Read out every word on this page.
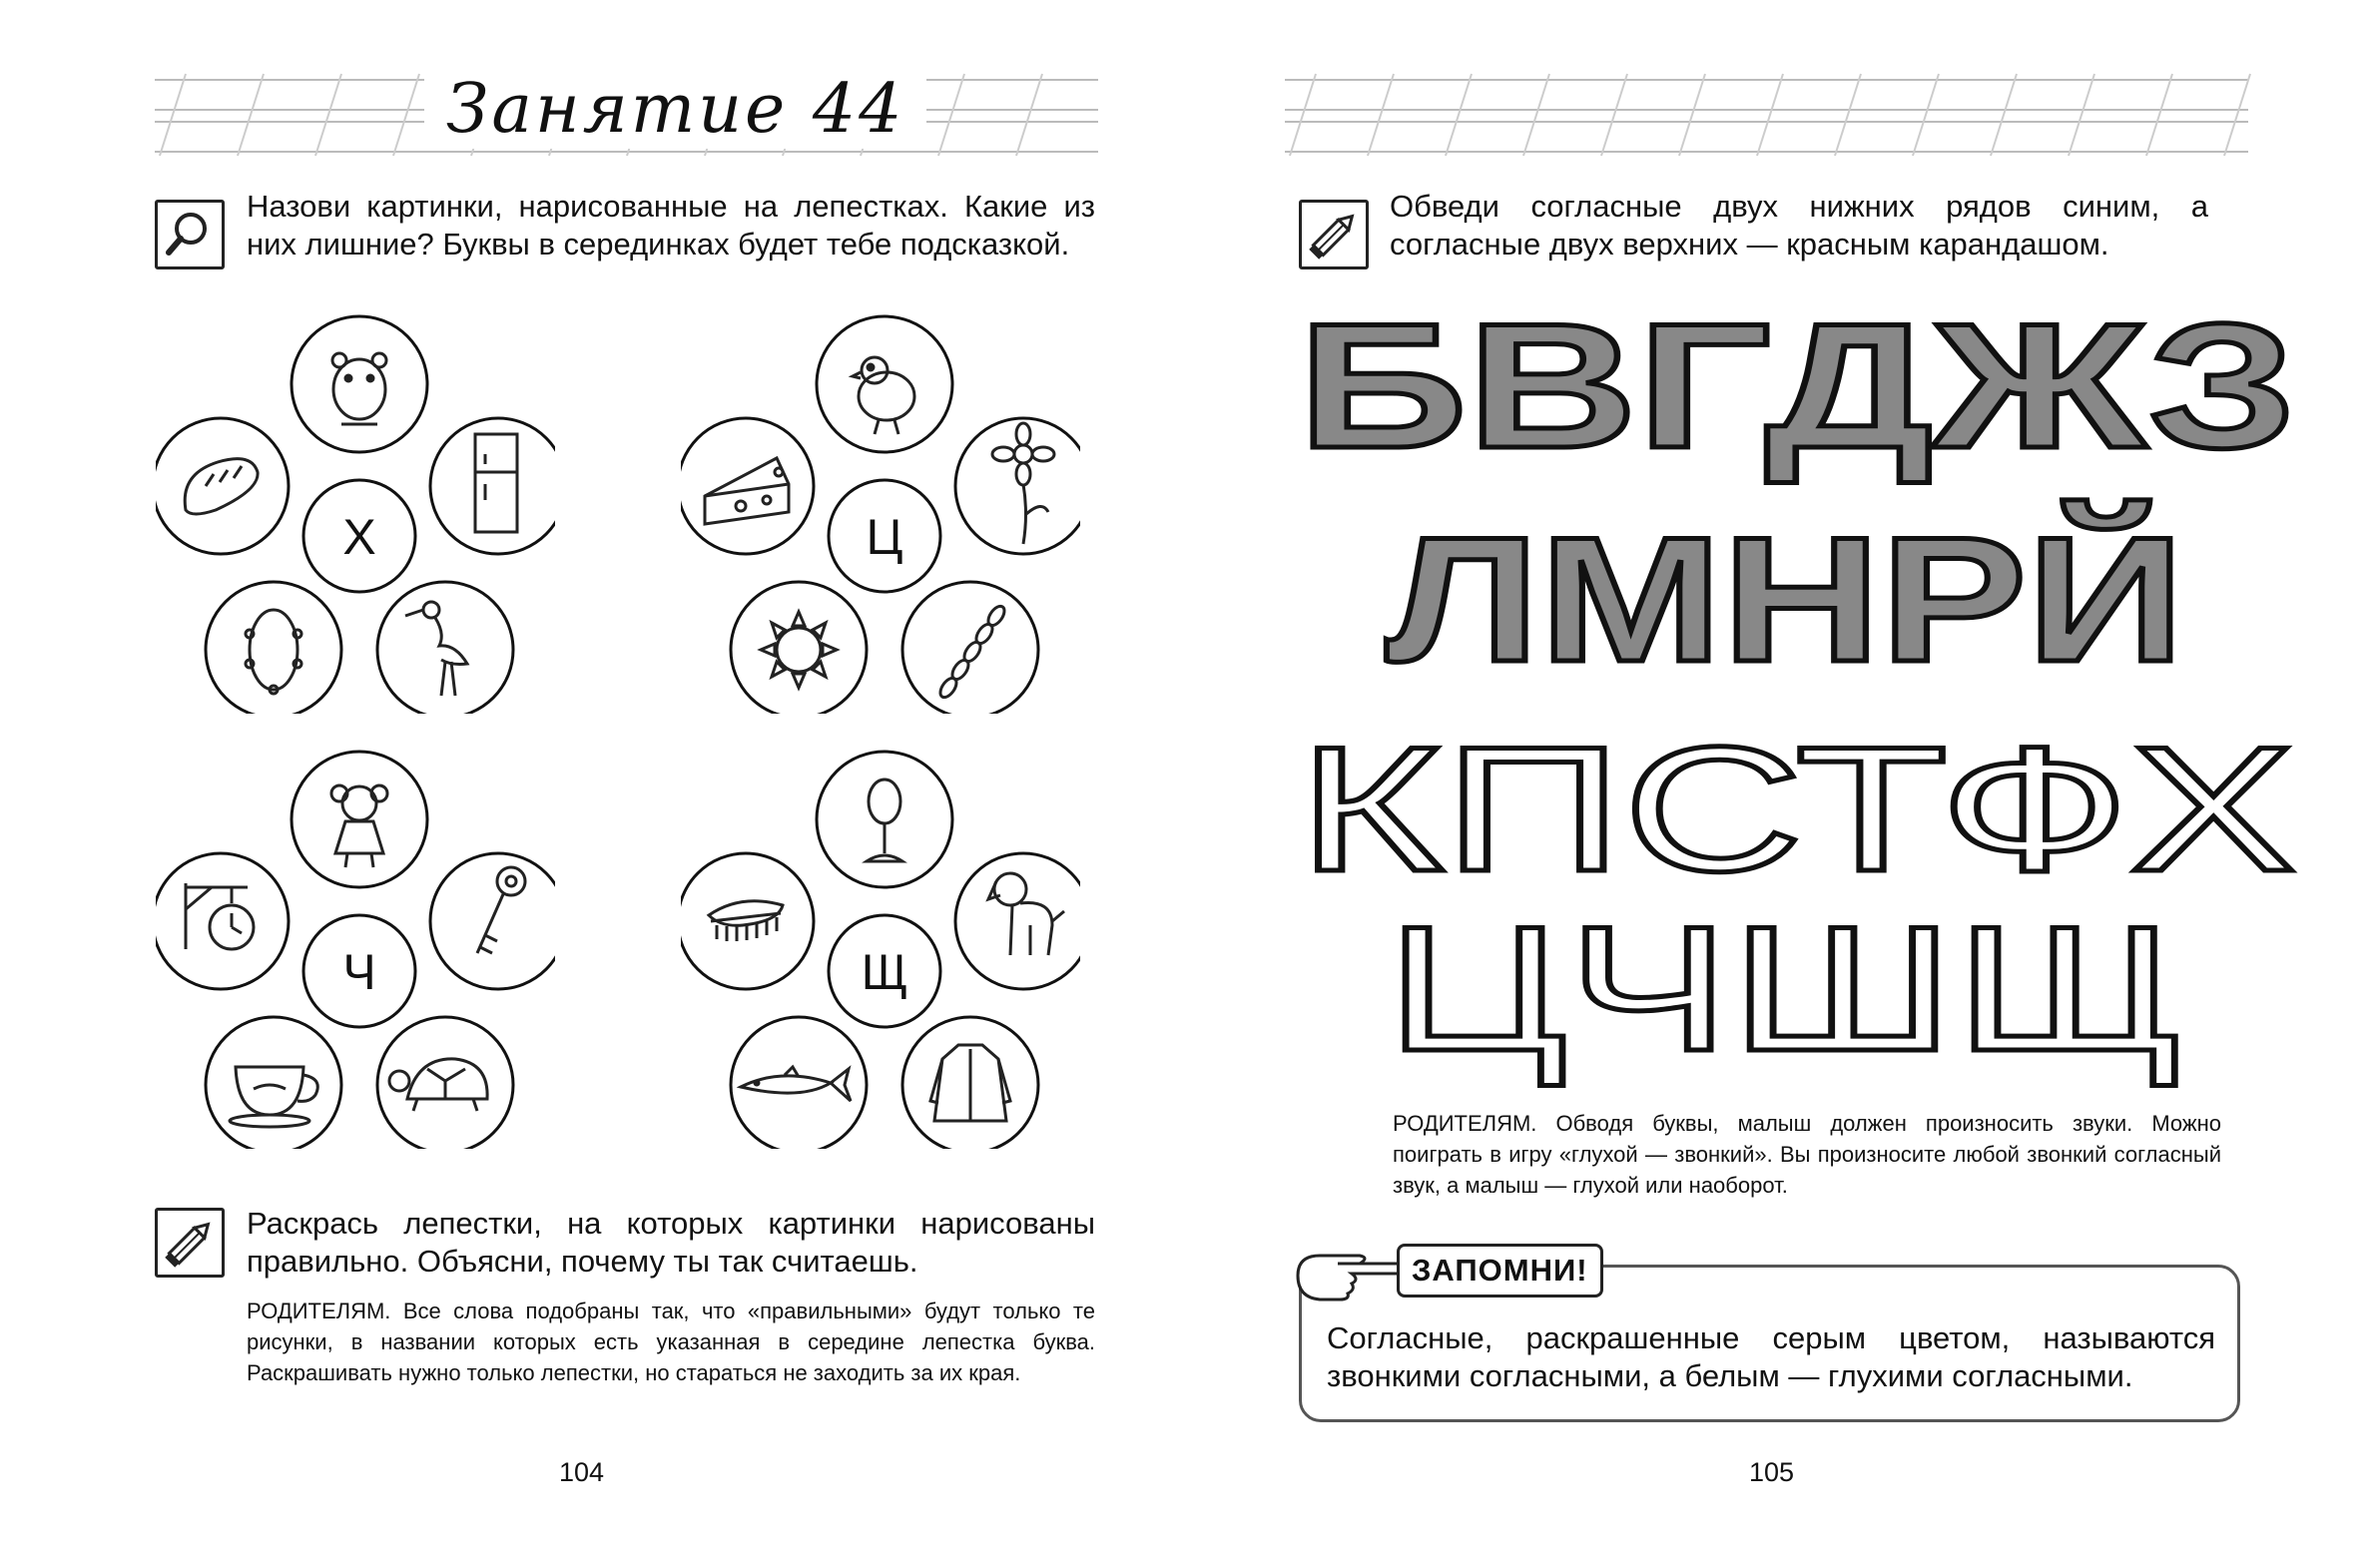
Занятие 44
Назови картинки, нарисованные на лепестках. Какие из них лишние? Буквы в серединках будет тебе подсказкой.
Х	Ц
Ч	Щ
Раскрась лепестки, на которых картинки нарисованы правильно. Объясни, почему ты так считаешь.
РОДИТЕЛЯМ. Все слова подобраны так, что «правильными» будут только те рисунки, в названии которых есть указанная в середине лепестка буква. Раскрашивать нужно только лепестки, но стараться не заходить за их края.
104
Обведи согласные двух нижних рядов синим, а согласные двух верхних — красным карандашом.
БВГДЖЗ
ЛМНРЙ
КПСТФХ
ЦЧШЩ
РОДИТЕЛЯМ. Обводя буквы, малыш должен произносить звуки. Можно поиграть в игру «глухой — звонкий». Вы произносите любой звонкий согласный звук, а малыш — глухой или наоборот.
Согласные, раскрашенные серым цветом, называются звонкими согласными, а белым — глухими согласными.
ЗАПОМНИ!
105
